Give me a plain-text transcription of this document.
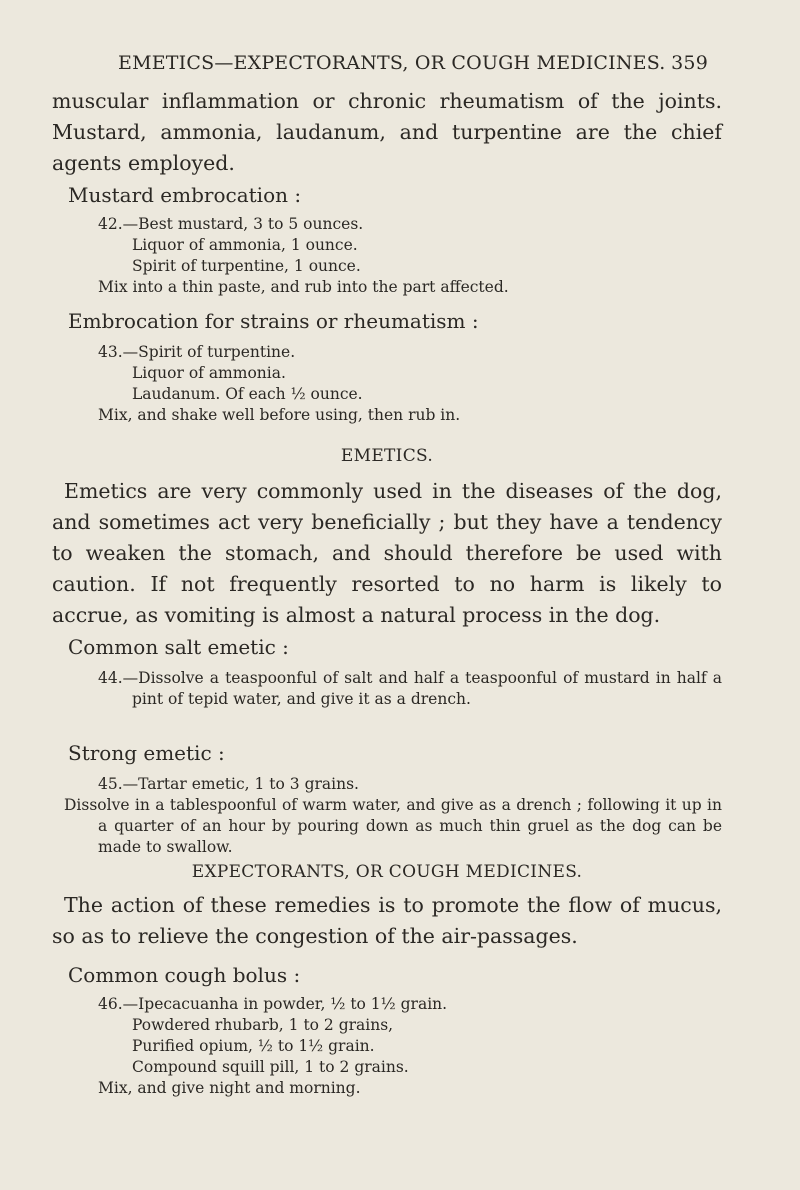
EMETICS—EXPECTORANTS, OR COUGH MEDICINES. 359

muscular inflammation or chronic rheumatism of the joints. Mustard, ammonia, laudanum, and turpentine are the chief agents employed.

Mustard embrocation :

42.—Best mustard, 3 to 5 ounces.
Liquor of ammonia, 1 ounce.
Spirit of turpentine, 1 ounce.
Mix into a thin paste, and rub into the part affected.

Embrocation for strains or rheumatism :

43.—Spirit of turpentine.
Liquor of ammonia.
Laudanum. Of each ½ ounce.
Mix, and shake well before using, then rub in.

EMETICS.

Emetics are very commonly used in the diseases of the dog, and sometimes act very beneficially ; but they have a tendency to weaken the stomach, and should therefore be used with caution. If not frequently resorted to no harm is likely to accrue, as vomiting is almost a natural process in the dog.

Common salt emetic :

44.—Dissolve a teaspoonful of salt and half a teaspoonful of mustard in half a pint of tepid water, and give it as a drench.

Strong emetic :

45.—Tartar emetic, 1 to 3 grains.

Dissolve in a tablespoonful of warm water, and give as a drench ; following it up in a quarter of an hour by pouring down as much thin gruel as the dog can be made to swallow.

EXPECTORANTS, OR COUGH MEDICINES.

The action of these remedies is to promote the flow of mucus, so as to relieve the congestion of the air-passages.

Common cough bolus :

46.—Ipecacuanha in powder, ½ to 1½ grain.
Powdered rhubarb, 1 to 2 grains,
Purified opium, ½ to 1½ grain.
Compound squill pill, 1 to 2 grains.
Mix, and give night and morning.
